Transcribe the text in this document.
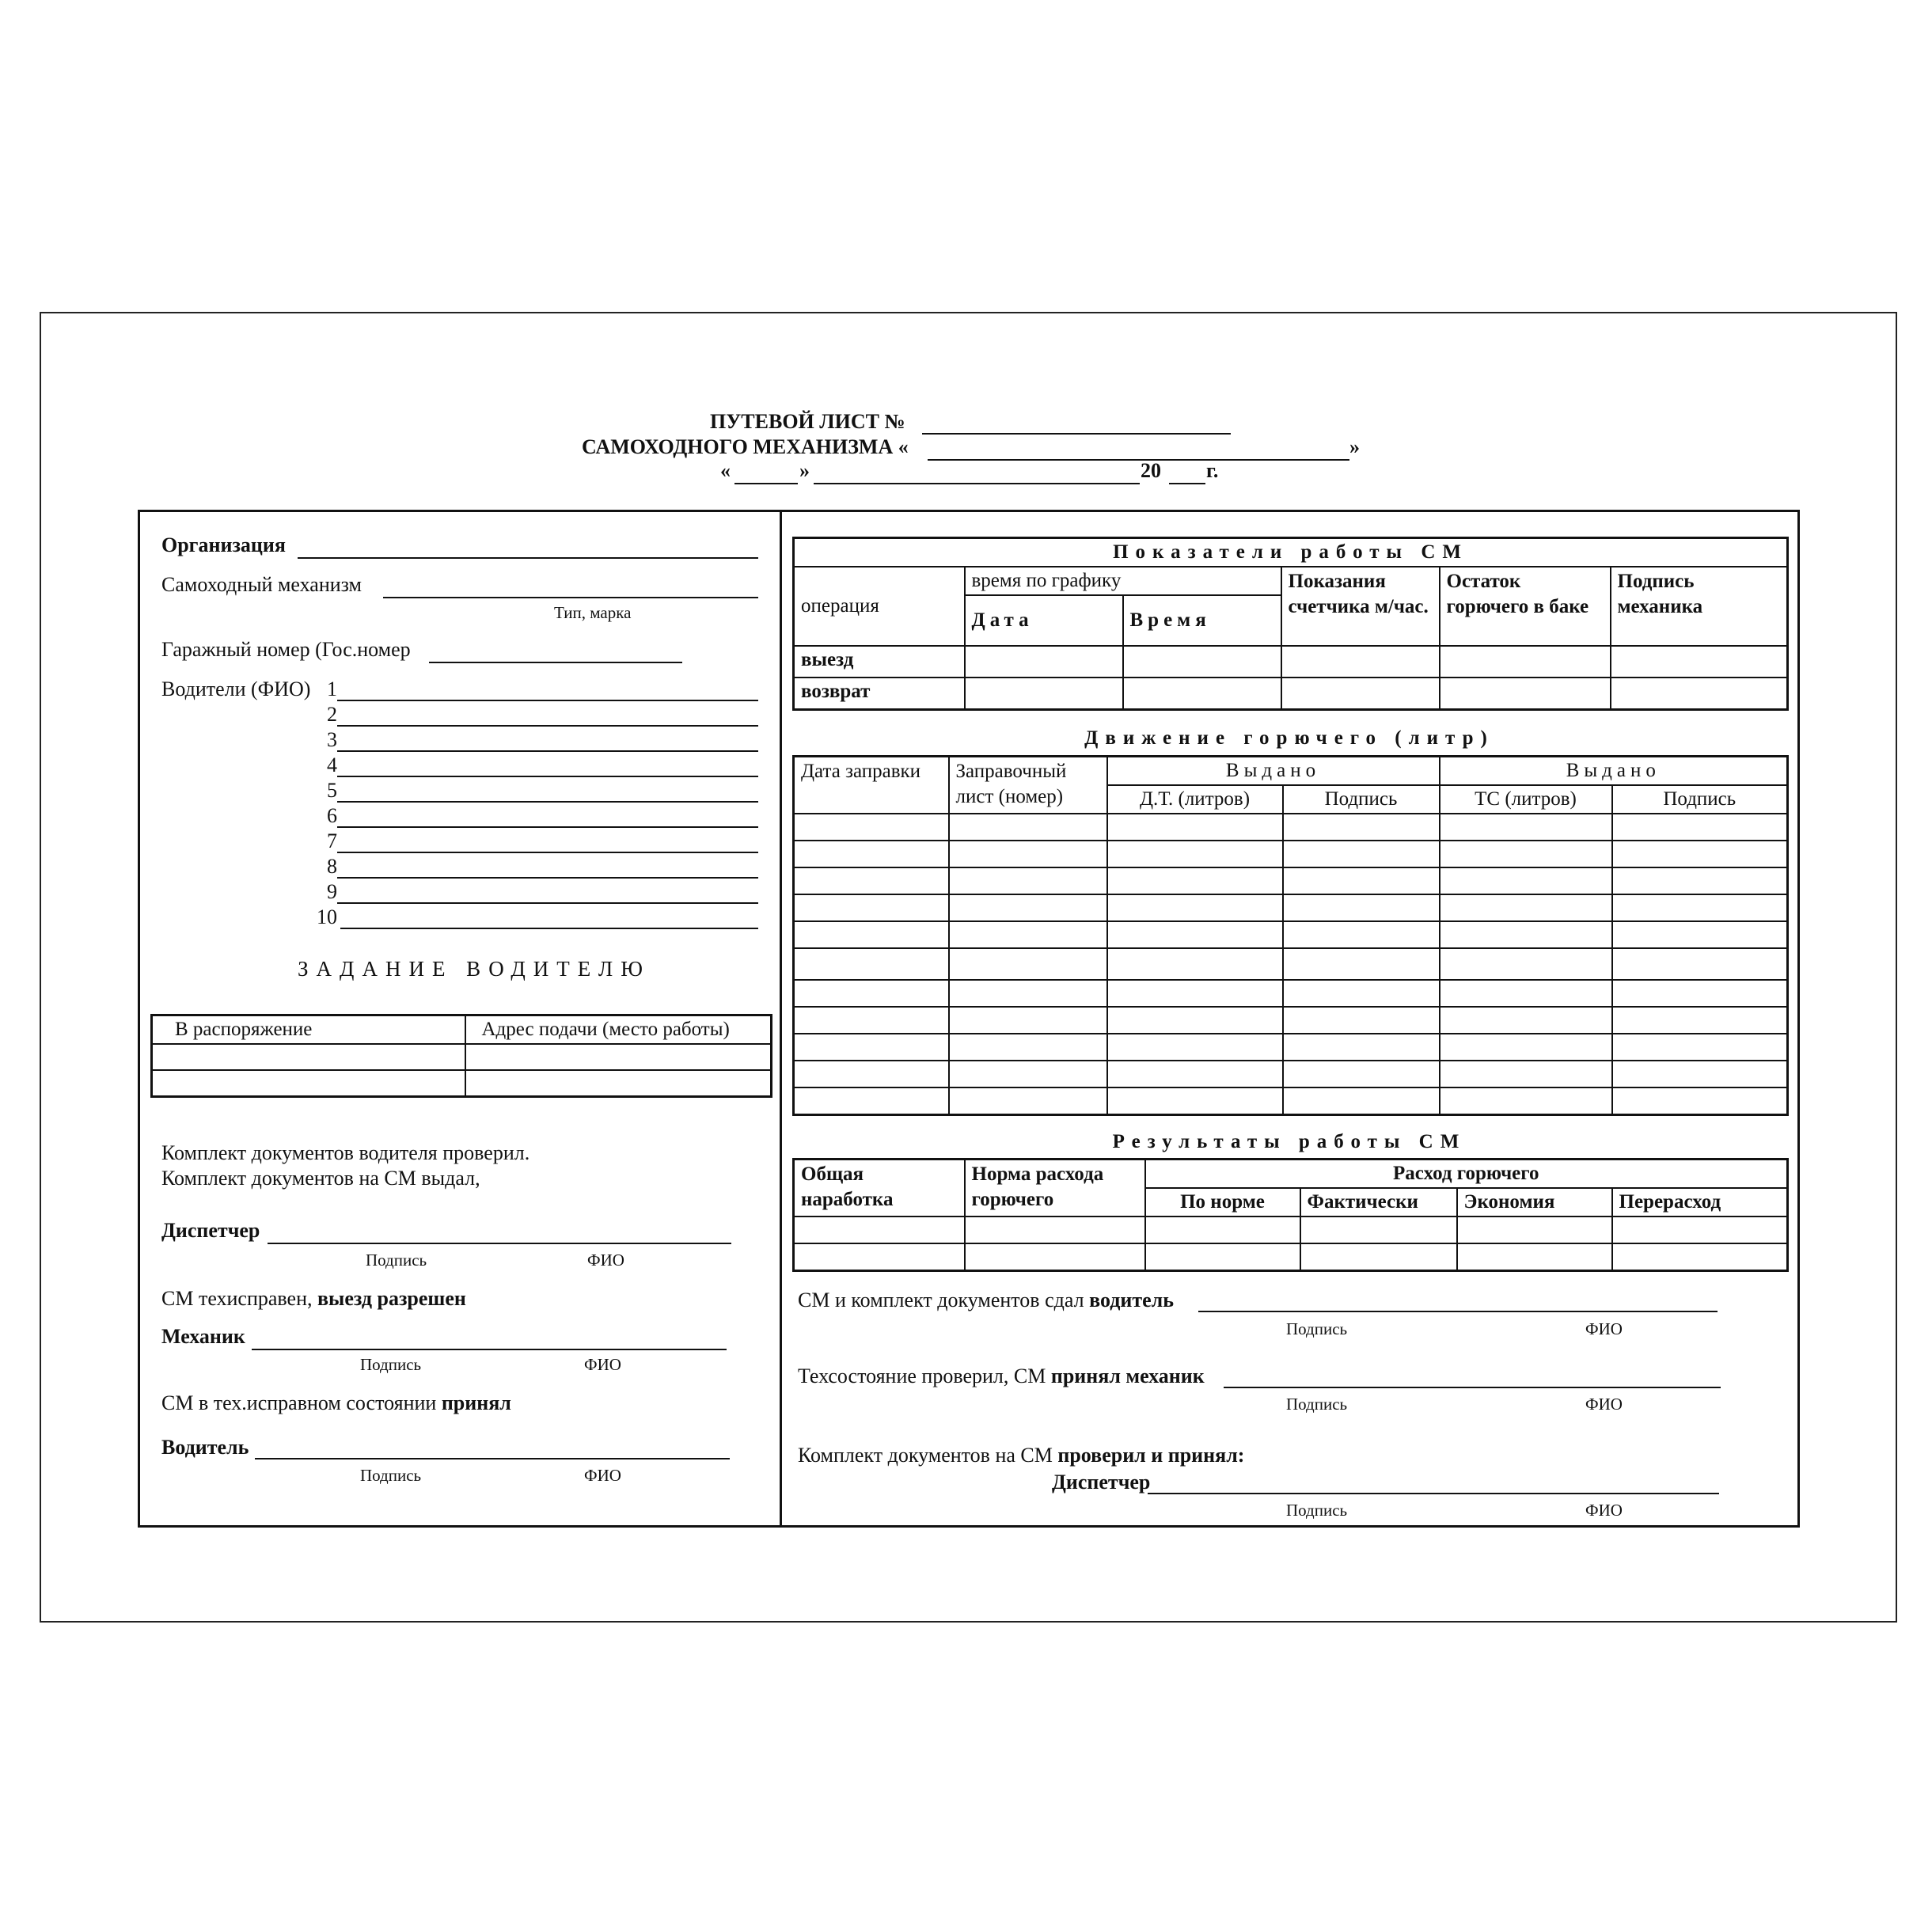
ПУТЕВОЙ ЛИСТ №
САМОХОДНОГО МЕХАНИЗМА «	»
«	»	20 г.
Организация
Самоходный механизм
Тип, марка
Гаражный номер (Гос.номер
Водители (ФИО) 1
2
3
4
5
6
7
8
9
10
ЗАДАНИЕ ВОДИТЕЛЮ
В распоряжение	Адрес подачи (место работы)

Комплект документов водителя проверил.
Комплект документов на СМ выдал,
Диспетчер
Подпись	ФИО
СМ техисправен, выезд разрешен
Механик
Подпись	ФИО
СМ в тех.исправном состоянии принял
Водитель
Подпись	ФИО
Показатели работы СМ					
операция	время по графику		Показания счетчика м/час.	Остаток горючего в баке	Подпись механика
	Дата	Время			
выезд					
возврат					
Движение горючего (литр)
Дата заправки	Заправочный лист (номер)	Выдано		Выдано	
		Д.Т. (литров)	Подпись	ТС (литров)	Подпись

Результаты работы СМ
Общая наработка	Норма расхода горючего	Расход горючего			
		По норме	Фактически	Экономия	Перерасход

СМ и комплект документов сдал водитель
Подпись	ФИО
Техсостояние проверил, СМ принял механик
Подпись	ФИО
Комплект документов на СМ проверил и принял:
Диспетчер
Подпись	ФИО
